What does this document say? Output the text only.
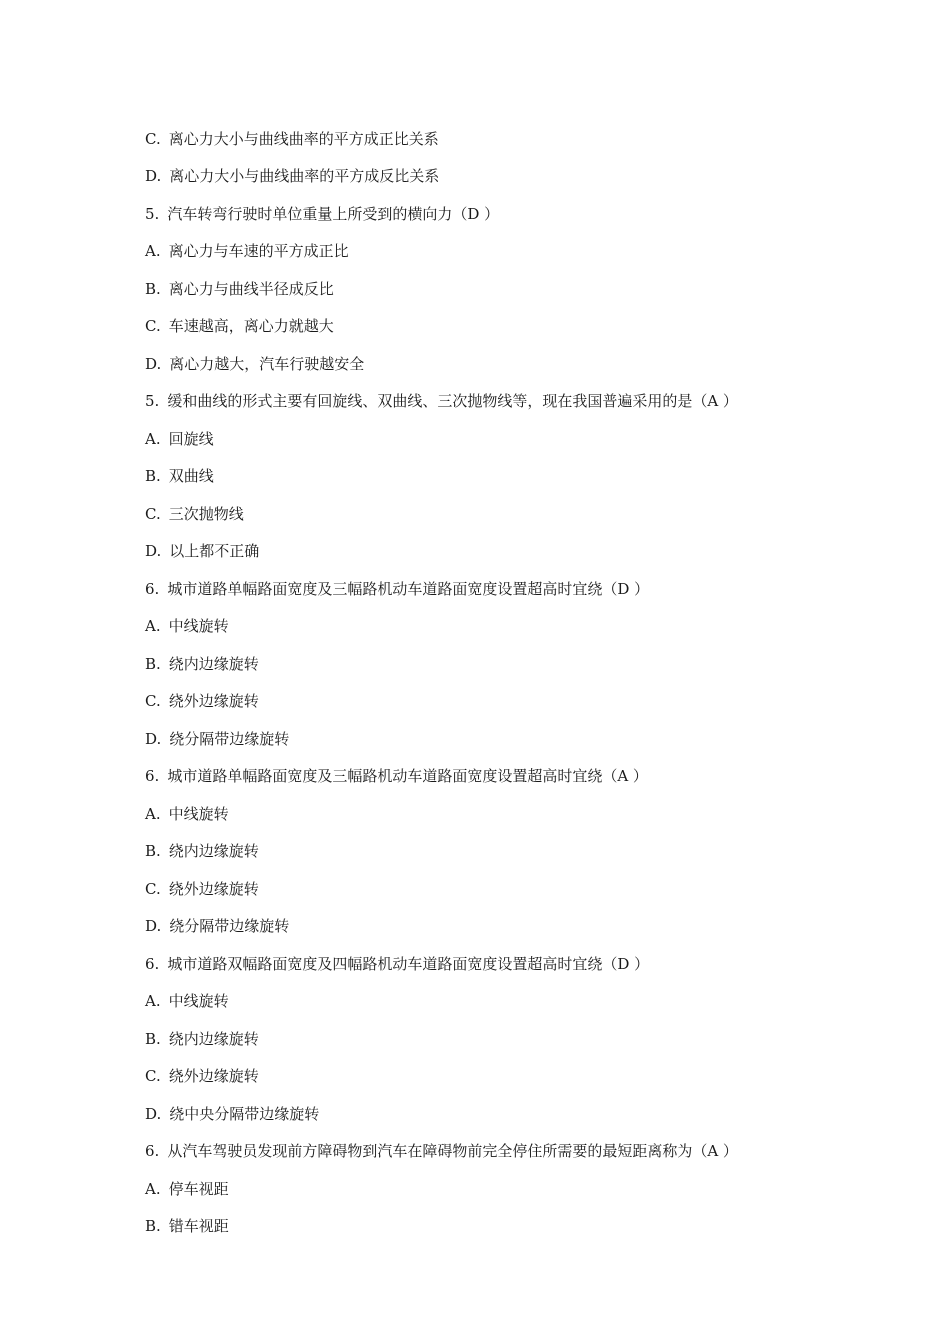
C. 离心力大小与曲线曲率的平方成正比关系
D. 离心力大小与曲线曲率的平方成反比关系
5. 汽车转弯行驶时单位重量上所受到的横向力（D ）
A. 离心力与车速的平方成正比
B. 离心力与曲线半径成反比
C. 车速越高，离心力就越大
D. 离心力越大，汽车行驶越安全
5. 缓和曲线的形式主要有回旋线、双曲线、三次抛物线等，现在我国普遍采用的是（A ）
A. 回旋线
B. 双曲线
C. 三次抛物线
D. 以上都不正确
6. 城市道路单幅路面宽度及三幅路机动车道路面宽度设置超高时宜绕（D ）
A. 中线旋转
B. 绕内边缘旋转
C. 绕外边缘旋转
D. 绕分隔带边缘旋转
6. 城市道路单幅路面宽度及三幅路机动车道路面宽度设置超高时宜绕（A ）
A. 中线旋转
B. 绕内边缘旋转
C. 绕外边缘旋转
D. 绕分隔带边缘旋转
6. 城市道路双幅路面宽度及四幅路机动车道路面宽度设置超高时宜绕（D ）
A. 中线旋转
B. 绕内边缘旋转
C. 绕外边缘旋转
D. 绕中央分隔带边缘旋转
6. 从汽车驾驶员发现前方障碍物到汽车在障碍物前完全停住所需要的最短距离称为（A ）
A. 停车视距
B. 错车视距
